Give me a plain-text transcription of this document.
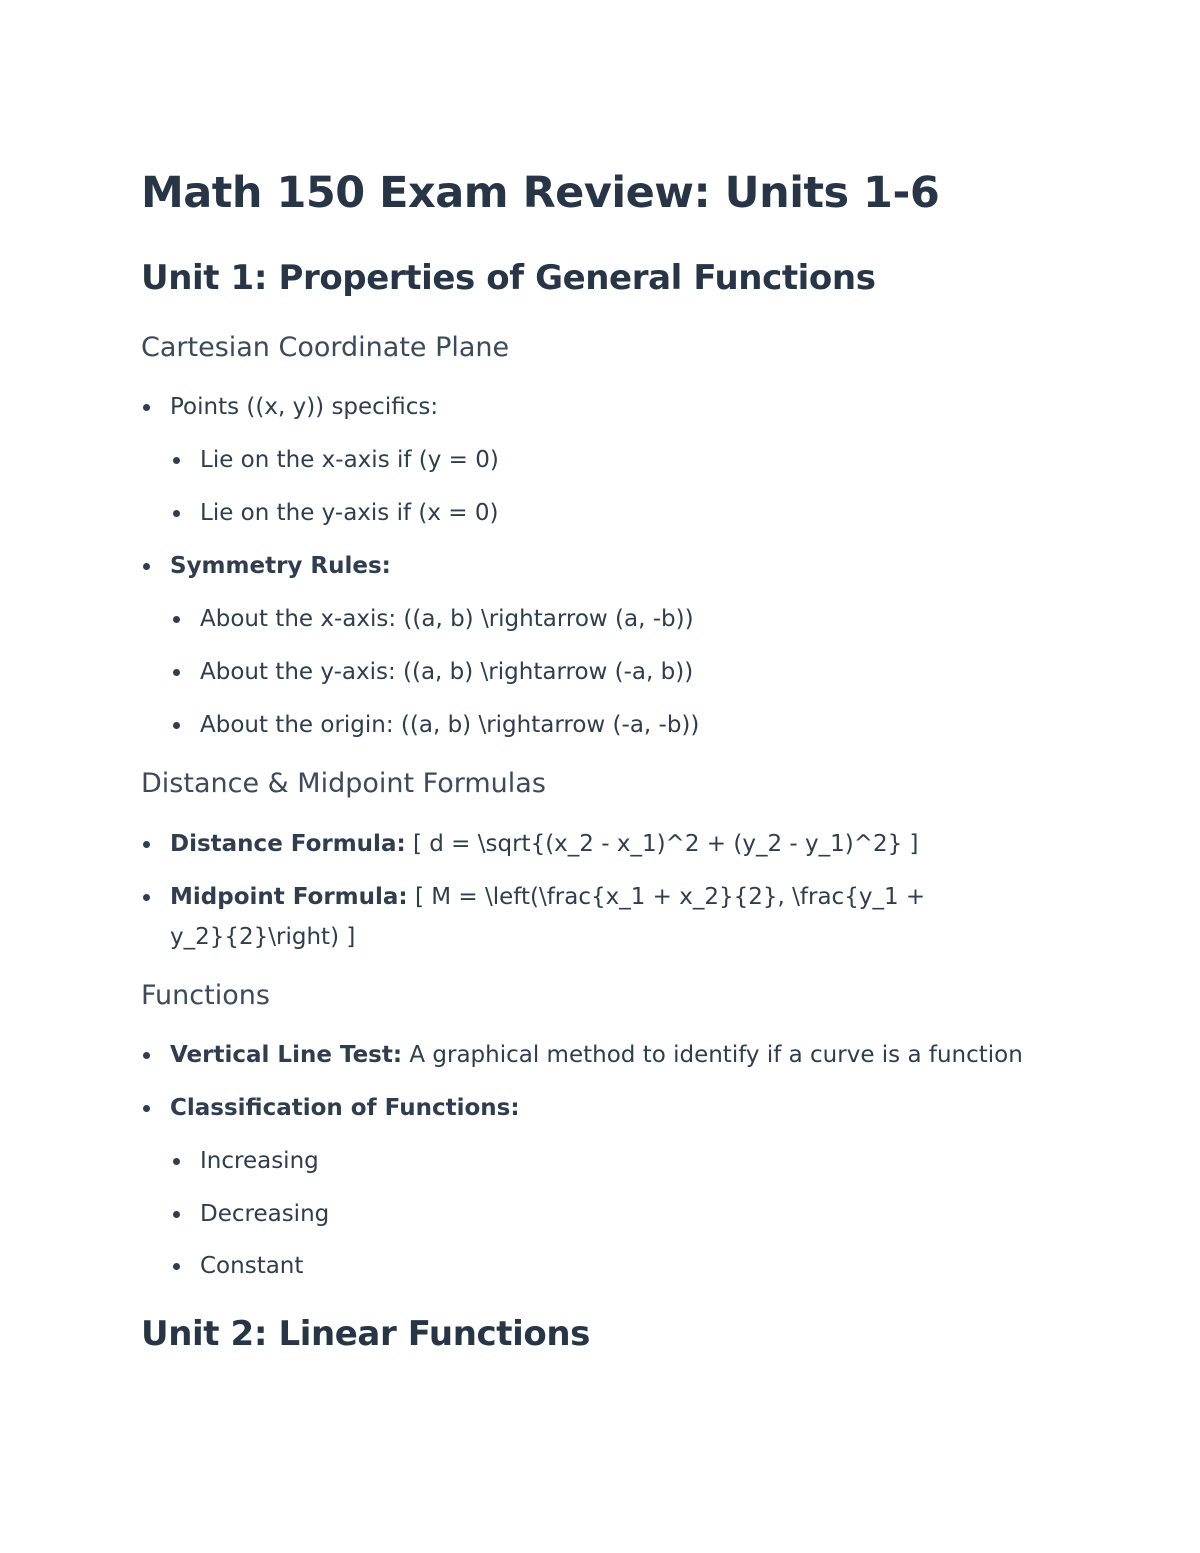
Math 150 Exam Review: Units 1-6
Unit 1: Properties of General Functions
Cartesian Coordinate Plane
Points ((x, y)) specifics:
Lie on the x-axis if (y = 0)
Lie on the y-axis if (x = 0)
Symmetry Rules:
About the x-axis: ((a, b) \rightarrow (a, -b))
About the y-axis: ((a, b) \rightarrow (-a, b))
About the origin: ((a, b) \rightarrow (-a, -b))
Distance & Midpoint Formulas
Distance Formula: [ d = \sqrt{(x_2 - x_1)^2 + (y_2 - y_1)^2} ]
Midpoint Formula: [ M = \left(\frac{x_1 + x_2}{2}, \frac{y_1 + y_2}{2}\right) ]
Functions
Vertical Line Test: A graphical method to identify if a curve is a function
Classification of Functions:
Increasing
Decreasing
Constant
Unit 2: Linear Functions
